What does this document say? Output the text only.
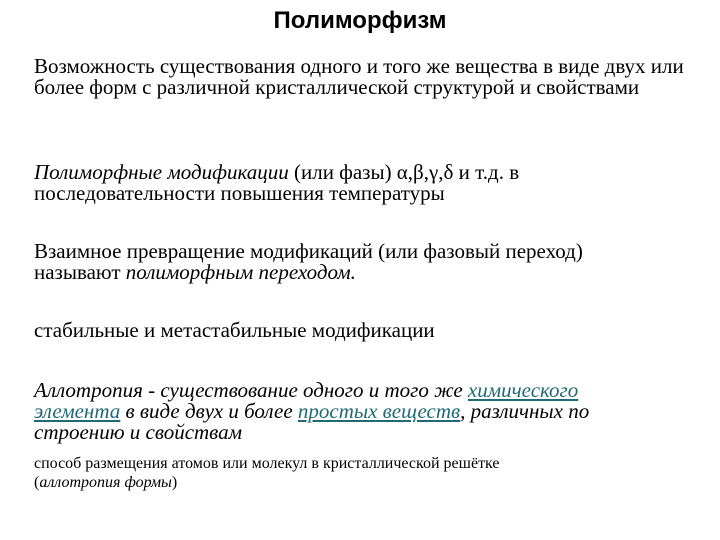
Полиморфизм
Возможность существования одного и того же вещества в виде двух или более форм с различной кристаллической структурой и свойствами
Полиморфные модификации (или фазы) α,β,γ,δ и т.д. в
последовательности повышения температуры
Взаимное превращение модификаций (или фазовый переход)
называют полиморфным переходом.
стабильные и метастабильные модификации
Аллотропия - существование одного и того же химического
элемента в виде двух и более простых веществ, различных по
строению и свойствам
способ размещения атомов или молекул в кристаллической решётке
(аллотропия формы)
